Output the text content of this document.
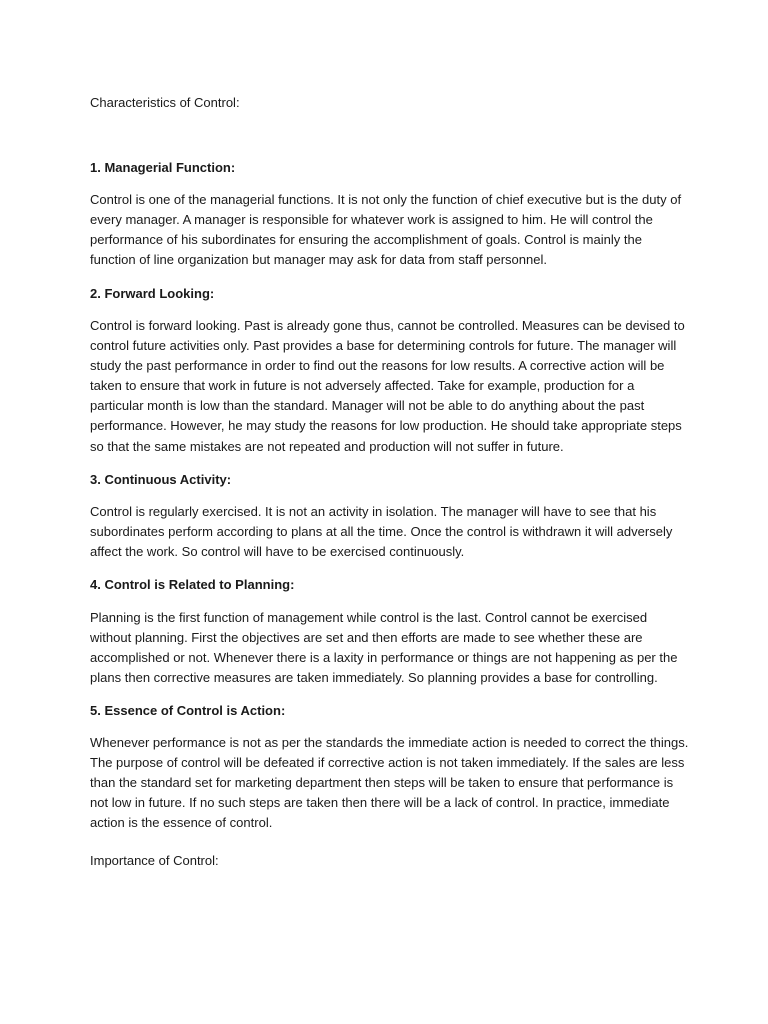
Characteristics of Control:
1. Managerial Function:

Control is one of the managerial functions. It is not only the function of chief executive but is the duty of
every manager. A manager is responsible for whatever work is assigned to him. He will control the
performance of his subordinates for ensuring the accomplishment of goals. Control is mainly the
function of line organization but manager may ask for data from staff personnel.

2. Forward Looking:

Control is forward looking. Past is already gone thus, cannot be controlled. Measures can be devised to
control future activities only. Past provides a base for determining controls for future. The manager will
study the past performance in order to find out the reasons for low results. A corrective action will be
taken to ensure that work in future is not adversely affected. Take for example, production for a
particular month is low than the standard. Manager will not be able to do anything about the past
performance. However, he may study the reasons for low production. He should take appropriate steps
so that the same mistakes are not repeated and production will not suffer in future.

3. Continuous Activity:

Control is regularly exercised. It is not an activity in isolation. The manager will have to see that his
subordinates perform according to plans at all the time. Once the control is withdrawn it will adversely
affect the work. So control will have to be exercised continuously.

4. Control is Related to Planning:

Planning is the first function of management while control is the last. Control cannot be exercised
without planning. First the objectives are set and then efforts are made to see whether these are
accomplished or not. Whenever there is a laxity in performance or things are not happening as per the
plans then corrective measures are taken immediately. So planning provides a base for controlling.

5. Essence of Control is Action:

Whenever performance is not as per the standards the immediate action is needed to correct the things.
The purpose of control will be defeated if corrective action is not taken immediately. If the sales are less
than the standard set for marketing department then steps will be taken to ensure that performance is
not low in future. If no such steps are taken then there will be a lack of control. In practice, immediate
action is the essence of control.

Importance of Control:
